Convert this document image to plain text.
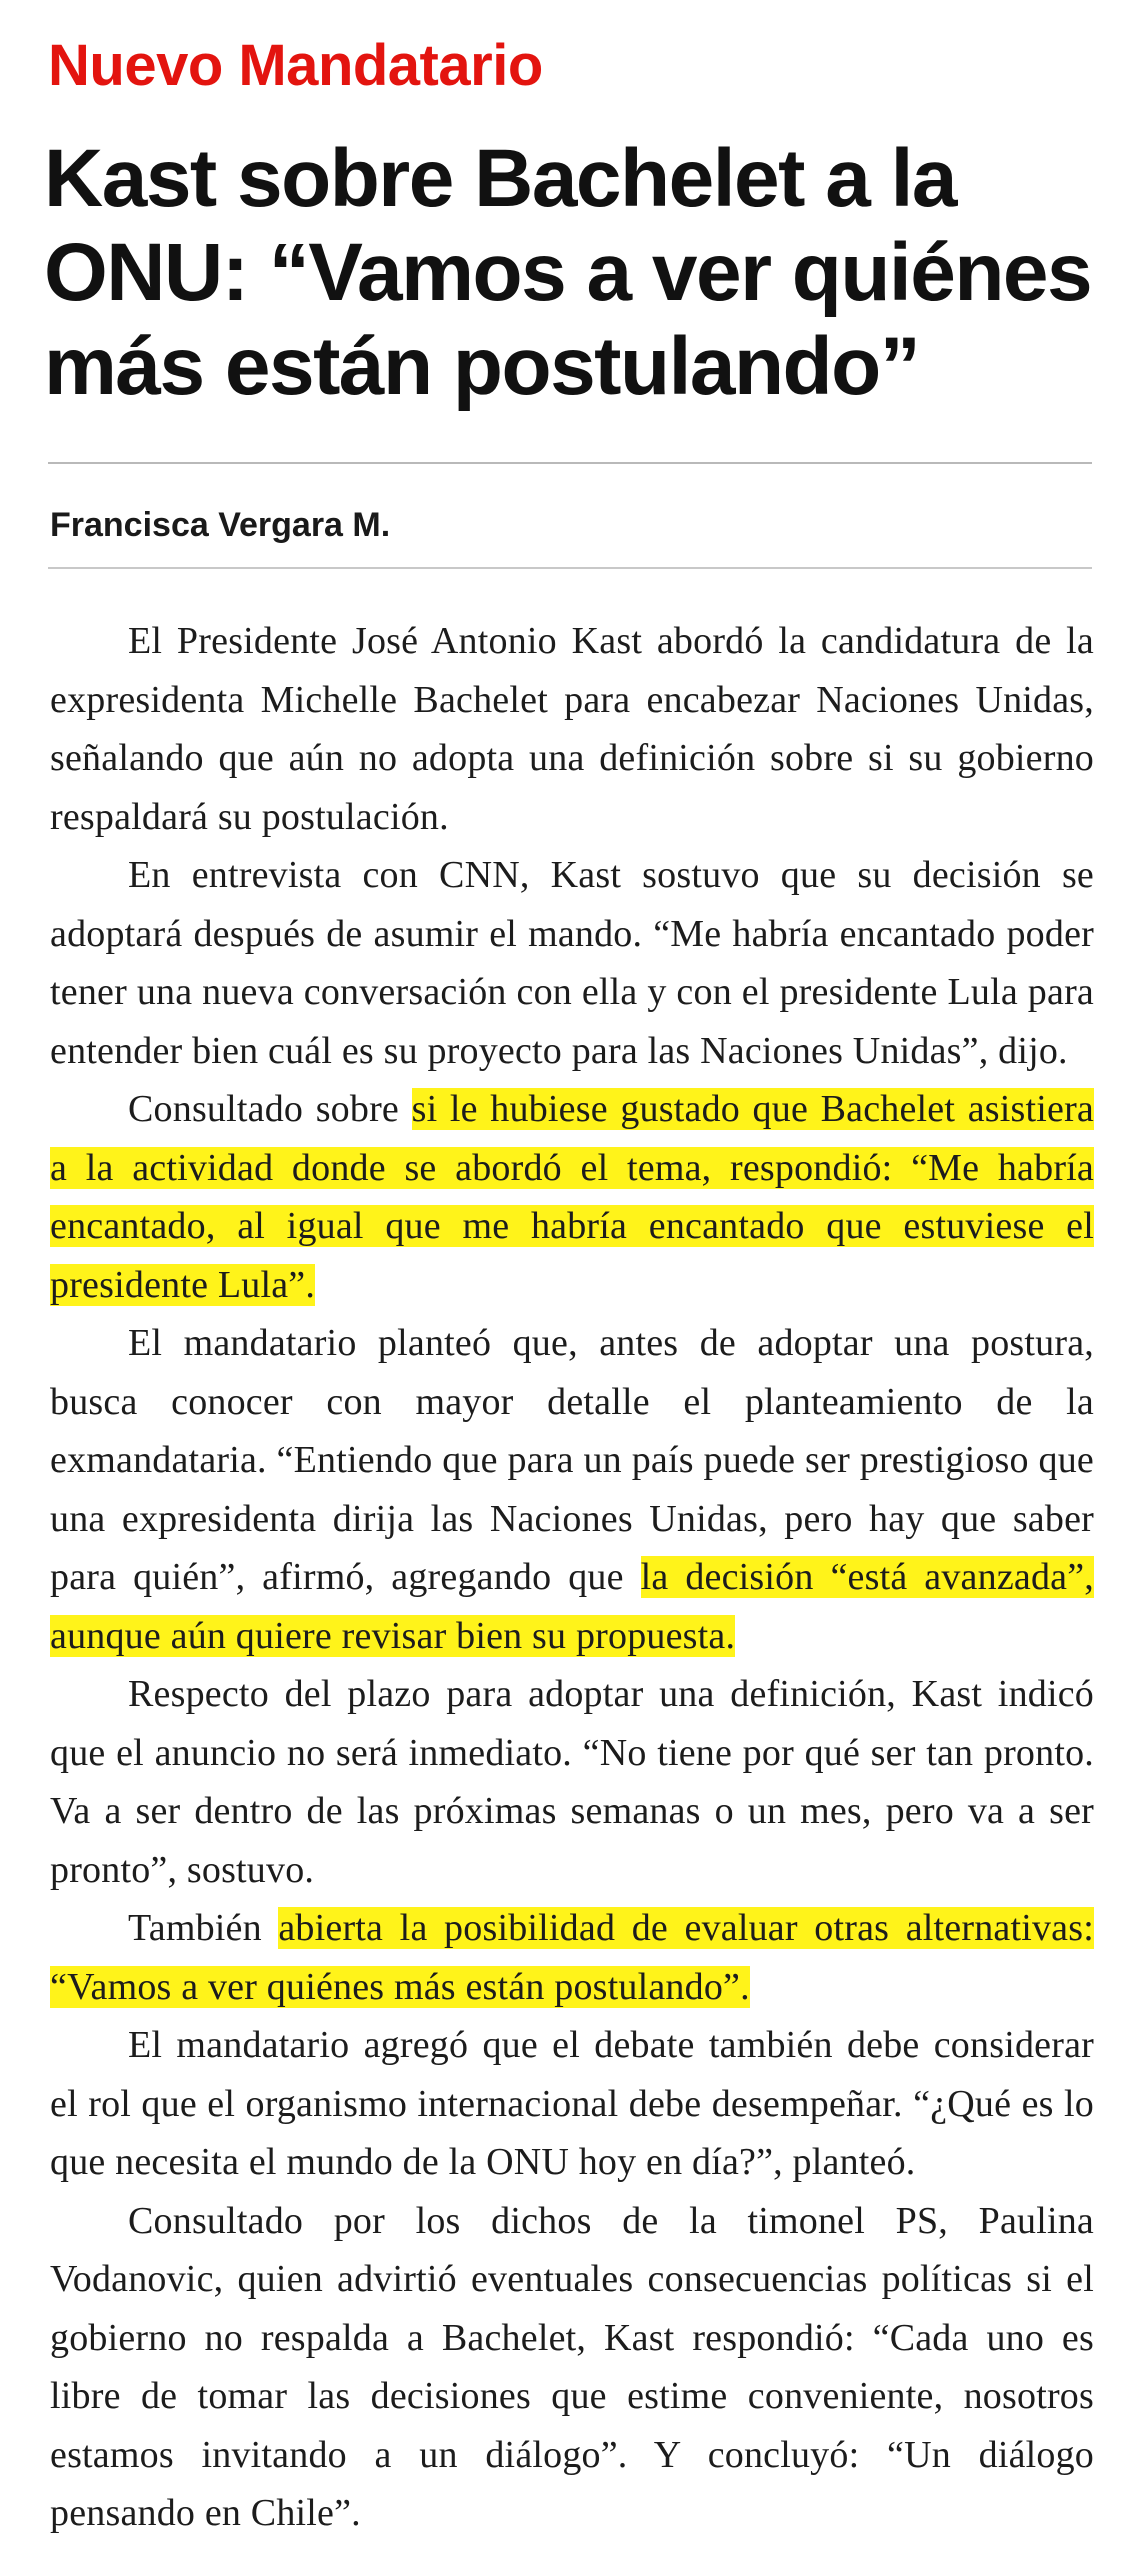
Nuevo Mandatario
Kast sobre Bachelet a la ONU: “Vamos a ver quiénes más están postulando”
Francisca Vergara M.

El Presidente José Antonio Kast abordó la candidatura de la expresidenta Michelle Bachelet para encabezar Naciones Unidas, señalando que aún no adopta una definición sobre si su gobierno respaldará su postulación.

En entrevista con CNN, Kast sostuvo que su decisión se adoptará después de asumir el mando. “Me habría encantado poder tener una nueva conversación con ella y con el presidente Lula para entender bien cuál es su proyecto para las Naciones Unidas”, dijo.

Consultado sobre si le hubiese gustado que Bachelet asistiera a la actividad donde se abordó el tema, respondió: “Me habría encantado, al igual que me habría encantado que estuviese el presidente Lula”.

El mandatario planteó que, antes de adoptar una postura, busca conocer con mayor detalle el planteamiento de la exmandataria. “Entiendo que para un país puede ser prestigioso que una expresidenta dirija las Naciones Unidas, pero hay que saber para quién”, afirmó, agregando que la decisión “está avanzada”, aunque aún quiere revisar bien su propuesta.

Respecto del plazo para adoptar una definición, Kast indicó que el anuncio no será inmediato. “No tiene por qué ser tan pronto. Va a ser dentro de las próximas semanas o un mes, pero va a ser pronto”, sostuvo.

También abierta la posibilidad de evaluar otras alternativas: “Vamos a ver quiénes más están postulando”.

El mandatario agregó que el debate también debe considerar el rol que el organismo internacional debe desempeñar. “¿Qué es lo que necesita el mundo de la ONU hoy en día?”, planteó.

Consultado por los dichos de la timonel PS, Paulina Vodanovic, quien advirtió eventuales consecuencias políticas si el gobierno no respalda a Bachelet, Kast respondió: “Cada uno es libre de tomar las decisiones que estime conveniente, nosotros estamos invitando a un diálogo”. Y concluyó: “Un diálogo pensando en Chile”.
